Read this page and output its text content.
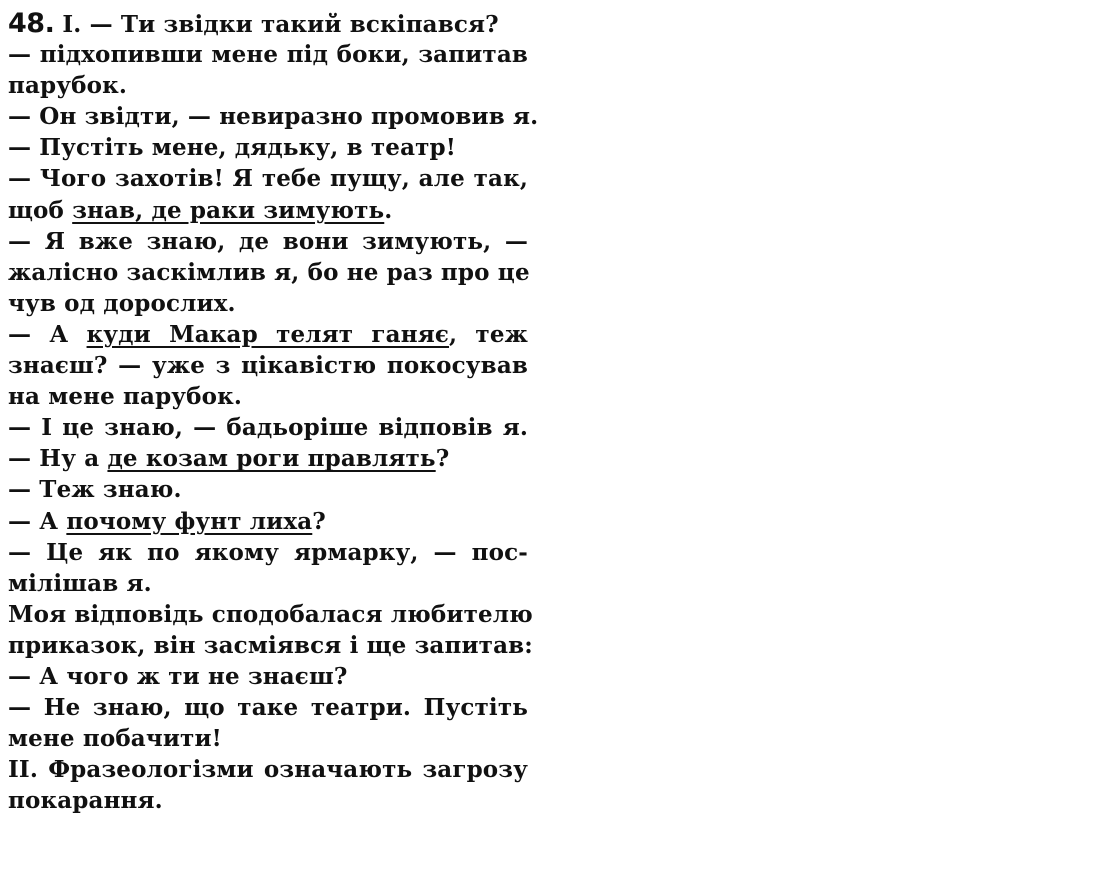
48. I. — Ти звідки такий вскіпався?
— підхопивши мене під боки, запитав
парубок.
— Он звідти, — невиразно промовив я.
— Пустіть мене, дядьку, в театр!
— Чого захотів! Я тебе пущу, але так,
щоб знав, де раки зимують.
— Я вже знаю, де вони зимують, —
жалісно заскімлив я, бо не раз про це
чув од дорослих.
— А куди Макар телят ганяє, теж
знаєш? — уже з цікавістю покосував
на мене парубок.
— І це знаю, — бадьоріше відповів я.
— Ну а де козам роги правлять?
— Теж знаю.
— А почому фунт лиха?
— Це як по якому ярмарку, — пос-
мілішав я.
Моя відповідь сподобалася любителю
приказок, він засміявся і ще запитав:
— А чого ж ти не знаєш?
— Не знаю, що таке театри. Пустіть
мене побачити!
II. Фразеологізми означають загрозу
покарання.
